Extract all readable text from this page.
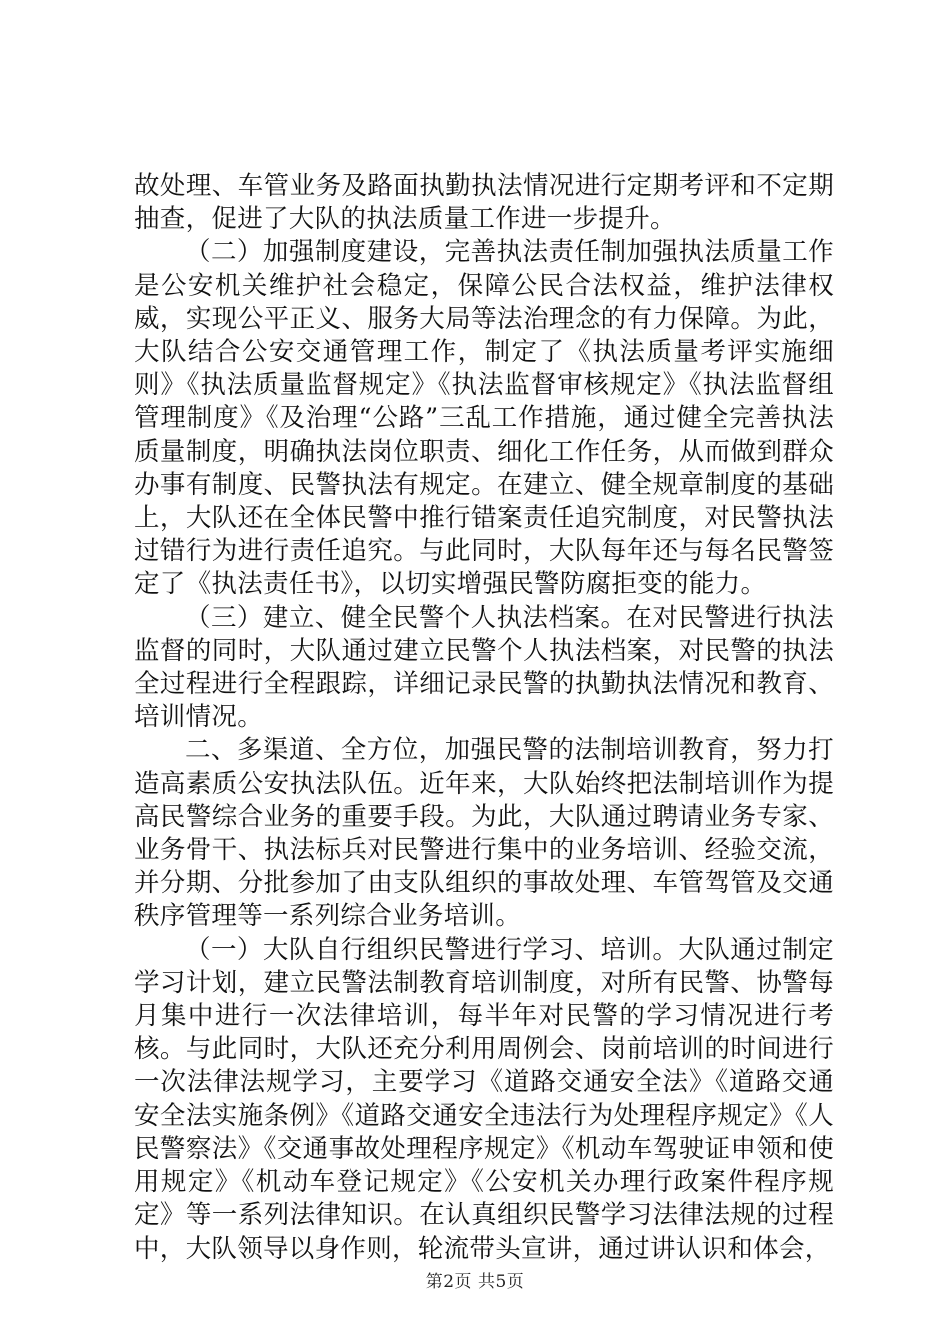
故处理、车管业务及路面执勤执法情况进行定期考评和不定期抽查，促进了大队的执法质量工作进一步提升。

（二）加强制度建设，完善执法责任制加强执法质量工作是公安机关维护社会稳定，保障公民合法权益，维护法律权威，实现公平正义、服务大局等法治理念的有力保障。为此，大队结合公安交通管理工作，制定了《执法质量考评实施细则》《执法质量监督规定》《执法监督审核规定》《执法监督组管理制度》《及治理“公路”三乱工作措施，通过健全完善执法质量制度，明确执法岗位职责、细化工作任务，从而做到群众办事有制度、民警执法有规定。在建立、健全规章制度的基础上，大队还在全体民警中推行错案责任追究制度，对民警执法过错行为进行责任追究。与此同时，大队每年还与每名民警签定了《执法责任书》，以切实增强民警防腐拒变的能力。

（三）建立、健全民警个人执法档案。在对民警进行执法监督的同时，大队通过建立民警个人执法档案，对民警的执法全过程进行全程跟踪，详细记录民警的执勤执法情况和教育、培训情况。

二、多渠道、全方位，加强民警的法制培训教育，努力打造高素质公安执法队伍。近年来，大队始终把法制培训作为提高民警综合业务的重要手段。为此，大队通过聘请业务专家、业务骨干、执法标兵对民警进行集中的业务培训、经验交流，并分期、分批参加了由支队组织的事故处理、车管驾管及交通秩序管理等一系列综合业务培训。

（一）大队自行组织民警进行学习、培训。大队通过制定学习计划，建立民警法制教育培训制度，对所有民警、协警每月集中进行一次法律培训，每半年对民警的学习情况进行考核。与此同时，大队还充分利用周例会、岗前培训的时间进行一次法律法规学习，主要学习《道路交通安全法》《道路交通安全法实施条例》《道路交通安全违法行为处理程序规定》《人民警察法》《交通事故处理程序规定》《机动车驾驶证申领和使用规定》《机动车登记规定》《公安机关办理行政案件程序规定》等一系列法律知识。在认真组织民警学习法律法规的过程中，大队领导以身作则，轮流带头宣讲，通过讲认识和体会，

第2页 共5页
